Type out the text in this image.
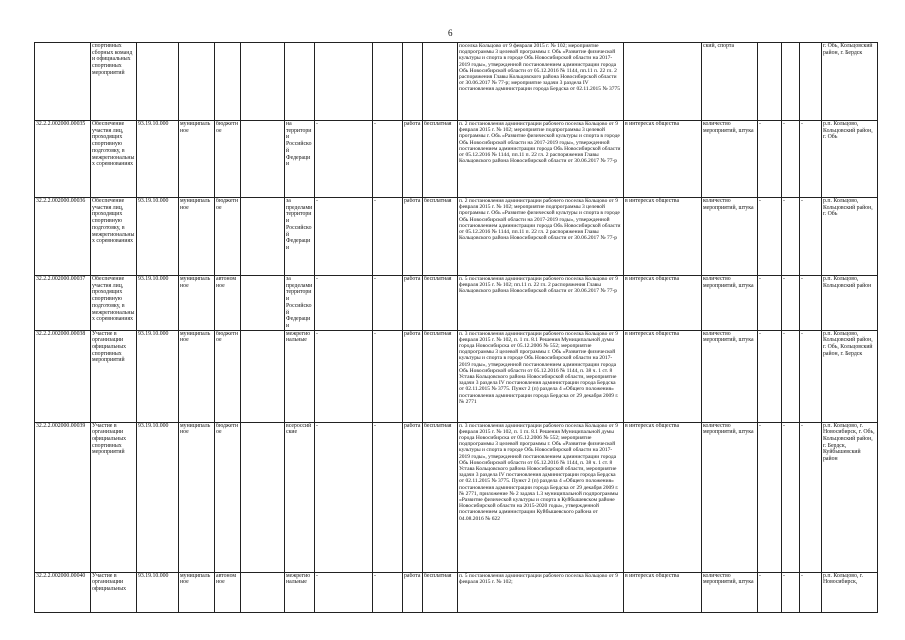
6
	спортивных сборных команд и официальных спортивных мероприятий										поселка Кольцово от 9 февраля 2015 г. № 102; мероприятие подпрограммы 3 целевой программы г. Обь «Развитие физической культуры и спорта в городе Обь Новосибирской области на 2017-2019 годы», утвержденной постановлением администрации города Обь Новосибирской области от 05.12.2016 № 1144, пп.11 п. 22 гл. 2 распоряжения Главы Кольцовского района Новосибирской области от 30.06.2017 № 77-р; мероприятие задачи 3 раздела IV постановления администрации города Бердска от 02.11.2015 № 3775		ский, спорта				г. Обь, Кольцовский район, г. Бердск
32.2.2.002000.00035	Обеспечение участия лиц, проходящих спортивную подготовку, в межрегиональных соревнованиях	93.19.10.000	муниципальное	бюджетное		на территории Российской Федерации	-	-	работа	бесплатная	п. 2 постановления администрации рабочего поселка Кольцово от 9 февраля 2015 г. № 102; мероприятие подпрограммы 3 целевой программы г. Обь «Развитие физической культуры и спорта в городе Обь Новосибирской области на 2017-2019 годы», утвержденной постановлением администрации города Обь Новосибирской области от 05.12.2016 № 1144, пп.11 п. 22 гл. 2 распоряжения Главы Кольцовского района Новосибирской области от 30.06.2017 № 77-р	в интересах общества	количество мероприятий, штука	-	-	-	р.п. Кольцово, Кольцовский район, г. Обь
32.2.2.002000.00036	Обеспечение участия лиц, проходящих спортивную подготовку, в межрегиональных соревнованиях	93.19.10.000	муниципальное	бюджетное		за пределами территории Российской Федерации	-	-	работа	бесплатная	п. 2 постановления администрации рабочего поселка Кольцово от 9 февраля 2015 г. № 102; мероприятие подпрограммы 3 целевой программы г. Обь «Развитие физической культуры и спорта в городе Обь Новосибирской области на 2017-2019 годы», утвержденной постановлением администрации города Обь Новосибирской области от 05.12.2016 № 1144, пп.11 п. 22 гл. 2 распоряжения Главы Кольцовского района Новосибирской области от 30.06.2017 № 77-р	в интересах общества	количество мероприятий, штука	-	-	-	р.п. Кольцово, Кольцовский район, г. Обь
32.2.2.002000.00037	Обеспечение участия лиц, проходящих спортивную подготовку, в межрегиональных соревнованиях	93.19.10.000	муниципальное	автономное		за пределами территории Российской Федерации	-	-	работа	бесплатная	п. 5 постановления администрации рабочего поселка Кольцово от 9 февраля 2015 г. № 102; пп.11 п. 22 гл. 2 распоряжения Главы Кольцовского района Новосибирской области от 30.06.2017 № 77-р	в интересах общества	количество мероприятий, штука	-	-	-	р.п. Кольцово, Кольцовский район
32.2.2.002000.00038	Участие в организации официальных спортивных мероприятий	93.19.10.000	муниципальное	бюджетное		межрегиональные	-	-	работа	бесплатная	п. 3 постановления администрации рабочего поселка Кольцово от 9 февраля 2015 г. № 102, п. 1 гл. 8.1 Решения Муниципальной думы города Новосибирска от 05.12.2006 № 552; мероприятие подпрограммы 3 целевой программы г. Обь «Развитие физической культуры и спорта в городе Обь Новосибирской области на 2017-2019 годы», утвержденной постановлением администрации города Обь Новосибирской области от 05.12.2016 № 1144, п. 38 ч. 1 ст. 8 Устава Кольцовского района Новосибирской области, мероприятие задачи 3 раздела IV постановления администрации города Бердска от 02.11.2015 № 3775. Пункт 2 (п) раздела 4 «Общего положения» постановления администрации города Бердска от 29 декабря 2009 г. № 2771	в интересах общества	количество мероприятий, штука	-	-	-	р.п. Кольцово, Кольцовский район, г. Обь, Кольцовский район, г. Бердск
32.2.2.002000.00039	Участие в организации официальных спортивных мероприятий	93.19.10.000	муниципальное	бюджетное		всероссийские	-	-	работа	бесплатная	п. 3 постановления администрации рабочего поселка Кольцово от 9 февраля 2015 г. № 102, п. 1 гл. 8.1 Решения Муниципальной думы города Новосибирска от 05.12.2006 № 552; мероприятие подпрограммы 3 целевой программы г. Обь «Развитие физической культуры и спорта в городе Обь Новосибирской области на 2017-2019 годы», утвержденной постановлением администрации города Обь Новосибирской области от 05.12.2016 № 1144, п. 38 ч. 1 ст. 8 Устава Кольцовского района Новосибирской области, мероприятие задачи 3 раздела IV постановления администрации города Бердска от 02.11.2015 № 3775. Пункт 2 (п) раздела 4 «Общего положения» постановления администрации города Бердска от 29 декабря 2009 г. № 2771, приложение № 2 задача 1.3 муниципальной подпрограммы «Развитие физической культуры и спорта в Куйбышевском районе Новосибирской области на 2015-2020 годы», утвержденной постановлением администрации Куйбышевского района от 04.08.2016 № 622	в интересах общества	количество мероприятий, штука	-	-	-	р.п. Кольцово, г. Новосибирск, г. Обь, Кольцовский район, г. Бердск, Куйбышевский район
32.2.2.002000.00040	Участие в организации официальных	93.19.10.000	муниципальное	автономное		межрегиональные	-	-	работа	бесплатная	п. 5 постановления администрации рабочего поселка Кольцово от 9 февраля 2015 г. № 102;	в интересах общества	количество мероприятий, штука	-	-	-	р.п. Кольцово, г. Новосибирск,
